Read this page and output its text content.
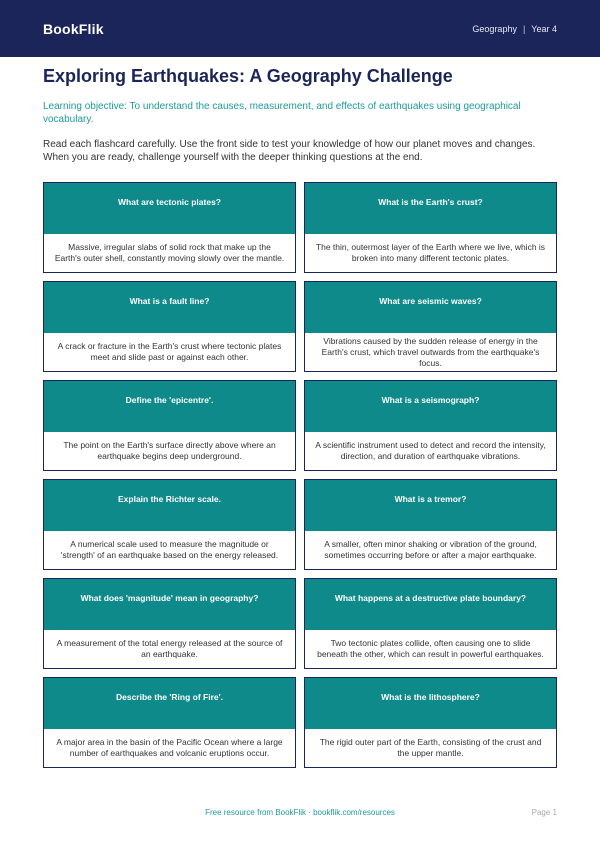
BookFlik	Geography | Year 4
Exploring Earthquakes: A Geography Challenge

Learning objective: To understand the causes, measurement, and effects of earthquakes using geographical vocabulary.

Read each flashcard carefully. Use the front side to test your knowledge of how our planet moves and changes. When you are ready, challenge yourself with the deeper thinking questions at the end.

What are tectonic plates?
Massive, irregular slabs of solid rock that make up the Earth's outer shell, constantly moving slowly over the mantle.
What is the Earth's crust?
The thin, outermost layer of the Earth where we live, which is broken into many different tectonic plates.
What is a fault line?
A crack or fracture in the Earth's crust where tectonic plates meet and slide past or against each other.
What are seismic waves?
Vibrations caused by the sudden release of energy in the Earth's crust, which travel outwards from the earthquake's focus.
Define the 'epicentre'.
The point on the Earth's surface directly above where an earthquake begins deep underground.
What is a seismograph?
A scientific instrument used to detect and record the intensity, direction, and duration of earthquake vibrations.
Explain the Richter scale.
A numerical scale used to measure the magnitude or 'strength' of an earthquake based on the energy released.
What is a tremor?
A smaller, often minor shaking or vibration of the ground, sometimes occurring before or after a major earthquake.
What does 'magnitude' mean in geography?
A measurement of the total energy released at the source of an earthquake.
What happens at a destructive plate boundary?
Two tectonic plates collide, often causing one to slide beneath the other, which can result in powerful earthquakes.
Describe the 'Ring of Fire'.
A major area in the basin of the Pacific Ocean where a large number of earthquakes and volcanic eruptions occur.
What is the lithosphere?
The rigid outer part of the Earth, consisting of the crust and the upper mantle.
Free resource from BookFlik · bookflik.com/resources	Page 1
